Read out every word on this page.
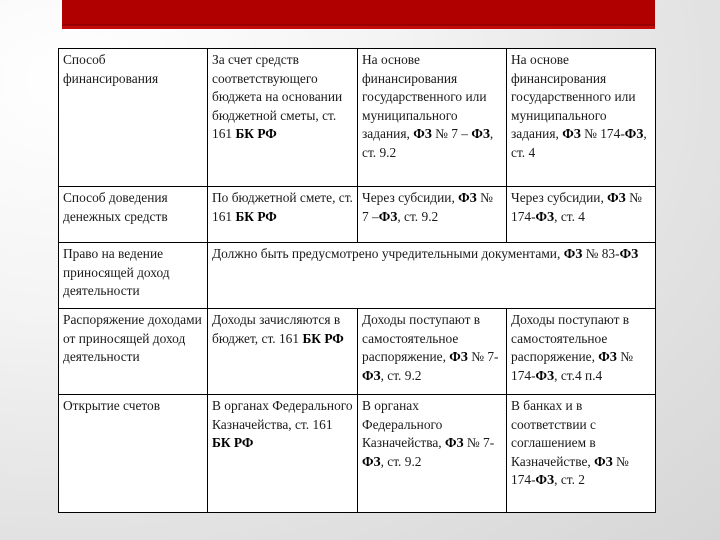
Способ финансирования	За счет средств соответствующего бюджета на основании бюджетной сметы, ст. 161 БК РФ	На основе финансирования государственного или муниципального задания, ФЗ № 7 – ФЗ, ст. 9.2	На основе финансирования государственного или муниципального задания, ФЗ № 174-ФЗ, ст. 4
Способ доведения денежных средств	По бюджетной смете, ст. 161 БК РФ	Через субсидии, ФЗ № 7 –ФЗ, ст. 9.2	Через субсидии, ФЗ № 174-ФЗ, ст. 4
Право на ведение приносящей доход деятельности	Должно быть предусмотрено учредительными документами, ФЗ № 83-ФЗ		
Распоряжение доходами от приносящей доход деятельности	Доходы зачисляются в бюджет, ст. 161 БК РФ	Доходы поступают в самостоятельное распоряжение, ФЗ № 7-ФЗ, ст. 9.2	Доходы поступают в самостоятельное распоряжение, ФЗ № 174-ФЗ, ст.4 п.4
Открытие счетов	В органах Федерального Казначейства, ст. 161 БК РФ	В органах Федерального Казначейства, ФЗ № 7-ФЗ, ст. 9.2	В банках и в соответствии с соглашением в Казначействе, ФЗ № 174-ФЗ, ст. 2
